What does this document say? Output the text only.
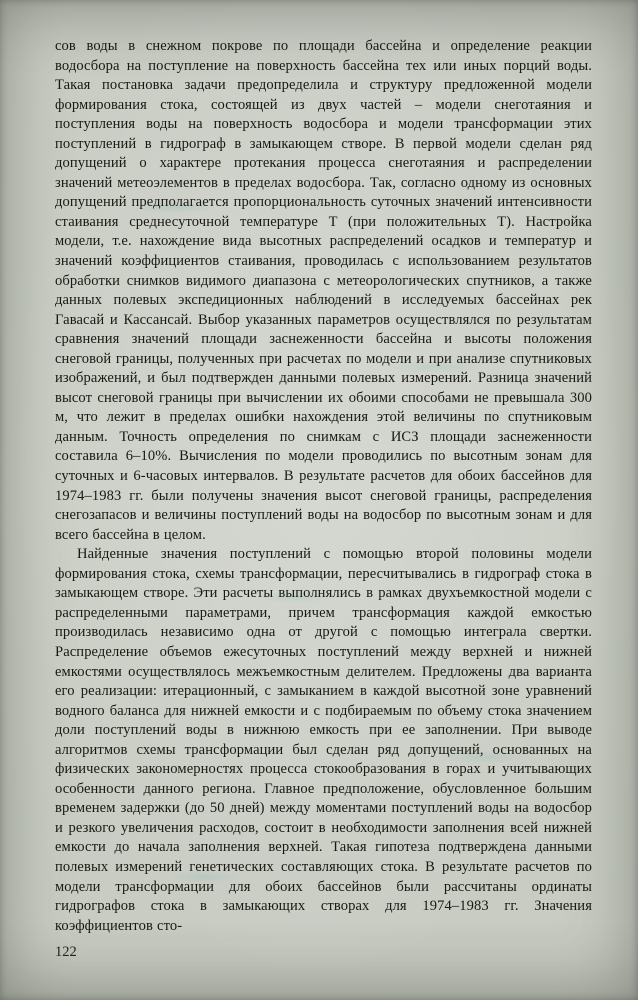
сов воды в снежном покрове по площади бассейна и определение реакции водосбора на поступление на поверхность бассейна тех или иных порций воды. Такая постановка задачи предопределила и структуру предложенной модели формирования стока, состоящей из двух частей – модели снеготаяния и поступления воды на поверхность водосбора и модели трансформации этих поступлений в гидрограф в замыкающем створе. В первой модели сделан ряд допущений о характере протекания процесса снеготаяния и распределении значений метеоэлементов в пределах водосбора. Так, согласно одному из основных допущений предполагается пропорциональность суточных значений интенсивности стаивания среднесуточной температуре T (при положительных T). Настройка модели, т.е. нахождение вида высотных распределений осадков и температур и значений коэффициентов стаивания, проводилась с использованием результатов обработки снимков видимого диапазона с метеорологических спутников, а также данных полевых экспедиционных наблюдений в исследуемых бассейнах рек Гавасай и Кассансай. Выбор указанных параметров осуществлялся по результатам сравнения значений площади заснеженности бассейна и высоты положения снеговой границы, полученных при расчетах по модели и при анализе спутниковых изображений, и был подтвержден данными полевых измерений. Разница значений высот снеговой границы при вычислении их обоими способами не превышала 300 м, что лежит в пределах ошибки нахождения этой величины по спутниковым данным. Точность определения по снимкам с ИСЗ площади заснеженности составила 6–10%. Вычисления по модели проводились по высотным зонам для суточных и 6-часовых интервалов. В результате расчетов для обоих бассейнов для 1974–1983 гг. были получены значения высот снеговой границы, распределения снегозапасов и величины поступлений воды на водосбор по высотным зонам и для всего бассейна в целом.

Найденные значения поступлений с помощью второй половины модели формирования стока, схемы трансформации, пересчитывались в гидрограф стока в замыкающем створе. Эти расчеты выполнялись в рамках двухъемкостной модели с распределенными параметрами, причем трансформация каждой емкостью производилась независимо одна от другой с помощью интеграла свертки. Распределение объемов ежесуточных поступлений между верхней и нижней емкостями осуществлялось межъемкостным делителем. Предложены два варианта его реализации: итерационный, с замыканием в каждой высотной зоне уравнений водного баланса для нижней емкости и с подбираемым по объему стока значением доли поступлений воды в нижнюю емкость при ее заполнении. При выводе алгоритмов схемы трансформации был сделан ряд допущений, основанных на физических закономерностях процесса стокообразования в горах и учитывающих особенности данного региона. Главное предположение, обусловленное большим временем задержки (до 50 дней) между моментами поступлений воды на водосбор и резкого увеличения расходов, состоит в необходимости заполнения всей нижней емкости до начала заполнения верхней. Такая гипотеза подтверждена данными полевых измерений генетических составляющих стока. В результате расчетов по модели трансформации для обоих бассейнов были рассчитаны ординаты гидрографов стока в замыкающих створах для 1974–1983 гг. Значения коэффициентов сто-

122
